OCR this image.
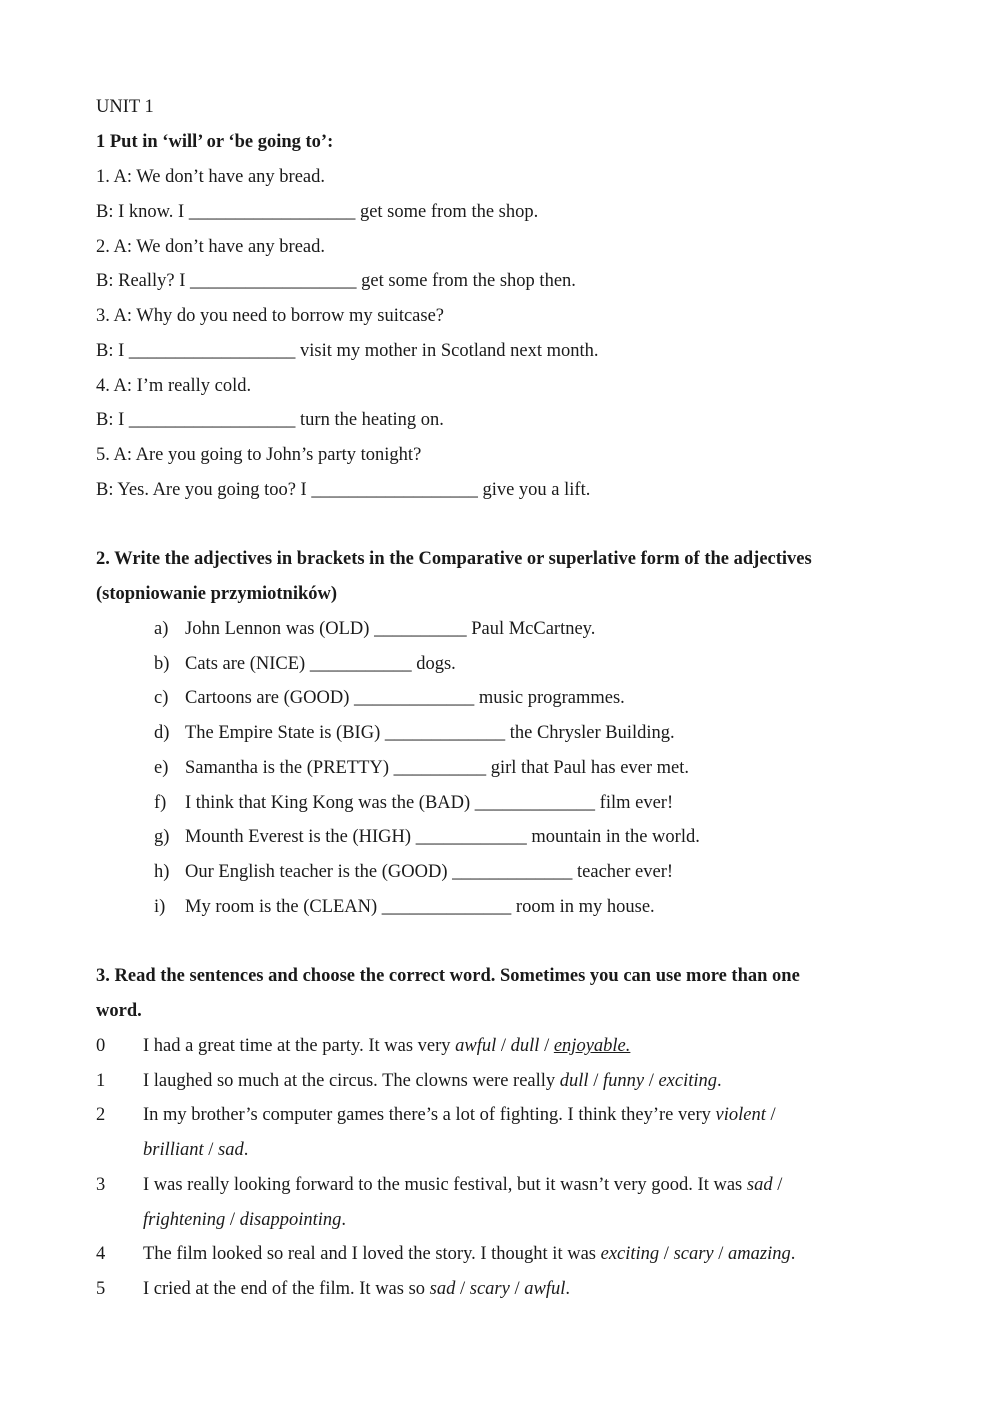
UNIT 1
1 Put in ‘will’ or ‘be going to’:
1. A: We don’t have any bread.
B: I know. I __________________ get some from the shop.
2. A: We don’t have any bread.
B: Really? I __________________ get some from the shop then.
3. A: Why do you need to borrow my suitcase?
B: I __________________ visit my mother in Scotland next month.
4. A: I’m really cold.
B: I __________________ turn the heating on.
5. A: Are you going to John’s party tonight?
B: Yes. Are you going too? I __________________ give you a lift.
2. Write the adjectives in brackets in the Comparative or superlative form of the adjectives
(stopniowanie przymiotników)
a) John Lennon was (OLD) __________ Paul McCartney.
b) Cats are (NICE) ___________ dogs.
c) Cartoons are (GOOD) _____________ music programmes.
d) The Empire State is (BIG) _____________ the Chrysler Building.
e) Samantha is the (PRETTY) __________ girl that Paul has ever met.
f) I think that King Kong was the (BAD) _____________ film ever!
g) Mounth Everest is the (HIGH) ____________ mountain in the world.
h) Our English teacher is the (GOOD) _____________ teacher ever!
i) My room is the (CLEAN) ______________ room in my house.
3. Read the sentences and choose the correct word. Sometimes you can use more than one
word.
0 I had a great time at the party. It was very awful / dull / enjoyable.
1 I laughed so much at the circus. The clowns were really dull / funny / exciting.
2 In my brother’s computer games there’s a lot of fighting. I think they’re very violent /
brilliant / sad.
3 I was really looking forward to the music festival, but it wasn’t very good. It was sad /
frightening / disappointing.
4 The film looked so real and I loved the story. I thought it was exciting / scary / amazing.
5 I cried at the end of the film. It was so sad / scary / awful.
